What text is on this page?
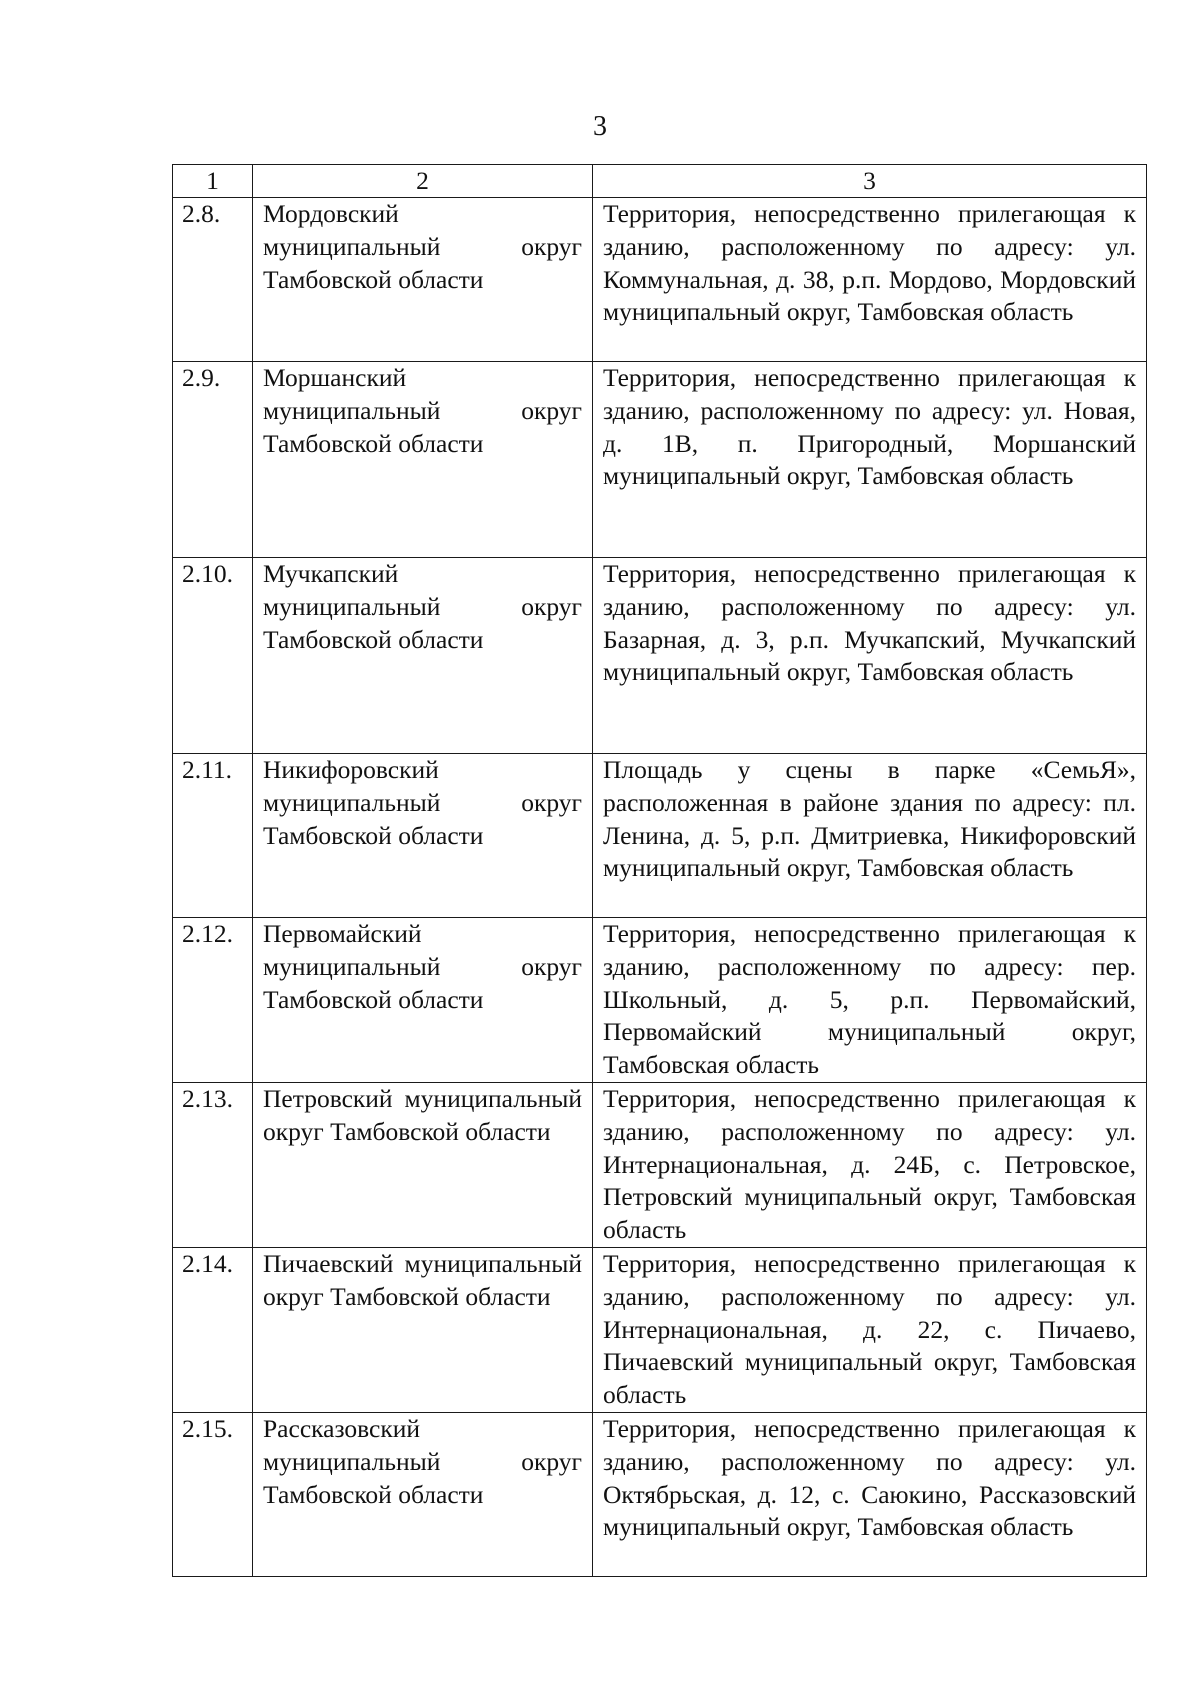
3
1	2	3
2.8.	Мордовский муниципальный округ Тамбовской области	Территория, непосредственно прилегающая к зданию, расположенному по адресу: ул. Коммунальная, д. 38, р.п. Мордово, Мордовский муниципальный округ, Тамбовская область
2.9.	Моршанский муниципальный округ Тамбовской области	Территория, непосредственно прилегающая к зданию, расположенному по адресу: ул. Новая, д. 1В, п. Пригородный, Моршанский муниципальный округ, Тамбовская область
2.10.	Мучкапский муниципальный округ Тамбовской области	Территория, непосредственно прилегающая к зданию, расположенному по адресу: ул. Базарная, д. 3, р.п. Мучкапский, Мучкапский муниципальный округ, Тамбовская область
2.11.	Никифоровский муниципальный округ Тамбовской области	Площадь у сцены в парке «СемьЯ», расположенная в районе здания по адресу: пл. Ленина, д. 5, р.п. Дмитриевка, Никифоровский муниципальный округ, Тамбовская область
2.12.	Первомайский муниципальный округ Тамбовской области	Территория, непосредственно прилегающая к зданию, расположенному по адресу: пер. Школьный, д. 5, р.п. Первомайский, Первомайский муниципальный округ, Тамбовская область
2.13.	Петровский муниципальный округ Тамбовской области	Территория, непосредственно прилегающая к зданию, расположенному по адресу: ул. Интернациональная, д. 24Б, с. Петровское, Петровский муниципальный округ, Тамбовская область
2.14.	Пичаевский муниципальный округ Тамбовской области	Территория, непосредственно прилегающая к зданию, расположенному по адресу: ул. Интернациональная, д. 22, с. Пичаево, Пичаевский муниципальный округ, Тамбовская область
2.15.	Рассказовский муниципальный округ Тамбовской области	Территория, непосредственно прилегающая к зданию, расположенному по адресу: ул. Октябрьская, д. 12, с. Саюкино, Рассказовский муниципальный округ, Тамбовская область
